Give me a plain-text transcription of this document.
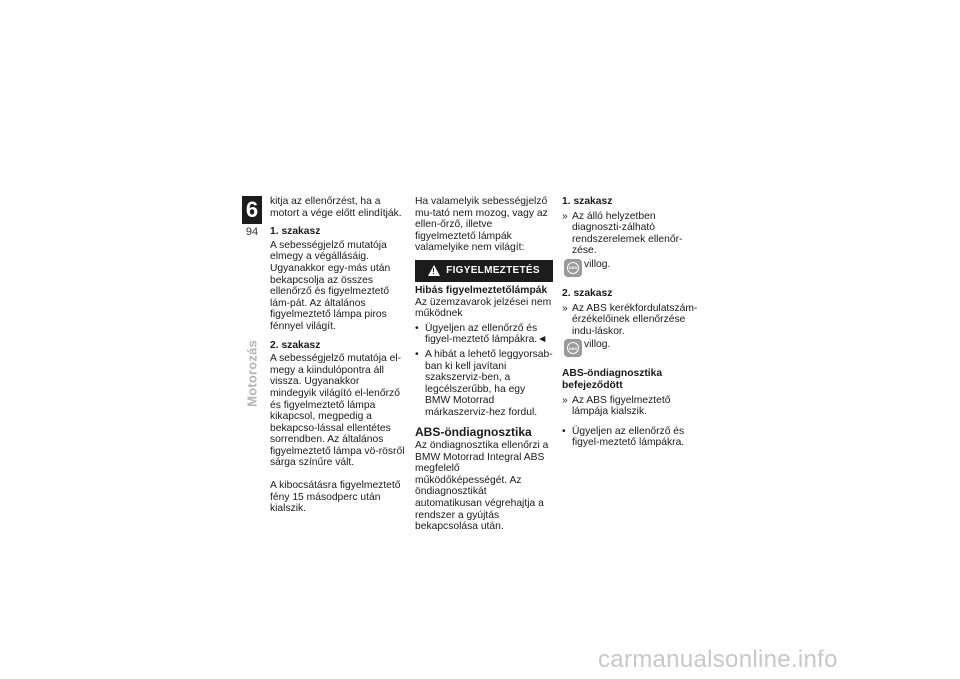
6
94
Motorozás

kitja az ellenőrzést, ha a motort a vége előtt elindítják.

1. szakasz

A sebességjelző mutatója elmegy a végállásáig. Ugyanakkor egy-más után bekapcsolja az összes ellenőrző és figyelmeztető lám-pát. Az általános figyelmeztető lámpa piros fénnyel világít.

2. szakasz

A sebességjelző mutatója el-megy a kiindulópontra áll vissza. Ugyanakkor mindegyik világító el-lenőrző és figyelmeztető lámpa kikapcsol, megpedig a bekapcso-lással ellentétes sorrendben. Az általános figyelmeztető lámpa vö-rösről sárga színűre vált.

A kibocsátásra figyelmeztető fény 15 másodperc után kialszik.

Ha valamelyik sebességjelző mu-tató nem mozog, vagy az ellen-őrző, illetve figyelmeztető lámpák valamelyike nem világít:

!
FIGYELMEZTETÉS

Hibás figyelmeztetőlámpák

Az üzemzavarok jelzései nem működnek

• Ügyeljen az ellenőrző és figyel-meztető lámpákra.◄
• A hibát a lehető leggyorsab-ban ki kell javítani szakszerviz-ben, a legcélszerűbb, ha egy BMW Motorrad márkaszerviz-hez fordul.

ABS-öndiagnosztika

Az öndiagnosztika ellenőrzi a BMW Motorrad Integral ABS megfelelő működőképességét. Az öndiagnosztikát automatikusan végrehajtja a rendszer a gyújtás bekapcsolása után.

1. szakasz

» Az álló helyzetben diagnoszti-zálható rendszerelemek ellenőr-zése.
ABS villog.

2. szakasz

» Az ABS kerékfordulatszám-érzékelőinek ellenőrzése indu-láskor.
ABS villog.

ABS-öndiagnosztika befejeződött

» Az ABS figyelmeztető lámpája kialszik.
• Ügyeljen az ellenőrző és figyel-meztető lámpákra.
carmanualsonline.info
